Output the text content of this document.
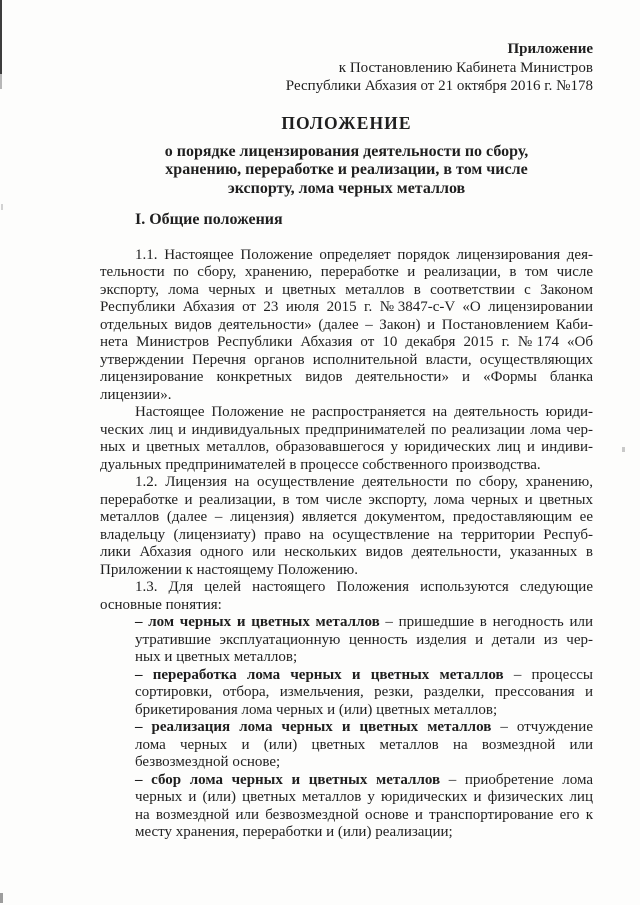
Приложение
к Постановлению Кабинета Министров
Республики Абхазия от 21 октября 2016 г. №178
ПОЛОЖЕНИЕ
о порядке лицензирования деятельности по сбору,
хранению, переработке и реализации, в том числе
экспорту, лома черных металлов
I. Общие положения
1.1. Настоящее Положение определяет порядок лицензирования дея-
тельности по сбору, хранению, переработке и реализации, в том числе
экспорту, лома черных и цветных металлов в соответствии с Законом
Республики Абхазия от 23 июля 2015 г. №3847-с-V «О лицензировании
отдельных видов деятельности» (далее – Закон) и Постановлением Каби-
нета Министров Республики Абхазия от 10 декабря 2015 г. №174 «Об
утверждении Перечня органов исполнительной власти, осуществляющих
лицензирование конкретных видов деятельности» и «Формы бланка
лицензии».
Настоящее Положение не распространяется на деятельность юриди-
ческих лиц и индивидуальных предпринимателей по реализации лома чер-
ных и цветных металлов, образовавшегося у юридических лиц и индиви-
дуальных предпринимателей в процессе собственного производства.
1.2. Лицензия на осуществление деятельности по сбору, хранению,
переработке и реализации, в том числе экспорту, лома черных и цветных
металлов (далее – лицензия) является документом, предоставляющим ее
владельцу (лицензиату) право на осуществление на территории Респуб-
лики Абхазия одного или нескольких видов деятельности, указанных в
Приложении к настоящему Положению.
1.3. Для целей настоящего Положения используются следующие
основные понятия:
– лом черных и цветных металлов – пришедшие в негодность или
утратившие эксплуатационную ценность изделия и детали из чер-
ных и цветных металлов;
– переработка лома черных и цветных металлов – процессы
сортировки, отбора, измельчения, резки, разделки, прессования и
брикетирования лома черных и (или) цветных металлов;
– реализация лома черных и цветных металлов – отчуждение
лома черных и (или) цветных металлов на возмездной или
безвозмездной основе;
– сбор лома черных и цветных металлов – приобретение лома
черных и (или) цветных металлов у юридических и физических лиц
на возмездной или безвозмездной основе и транспортирование его к
месту хранения, переработки и (или) реализации;
